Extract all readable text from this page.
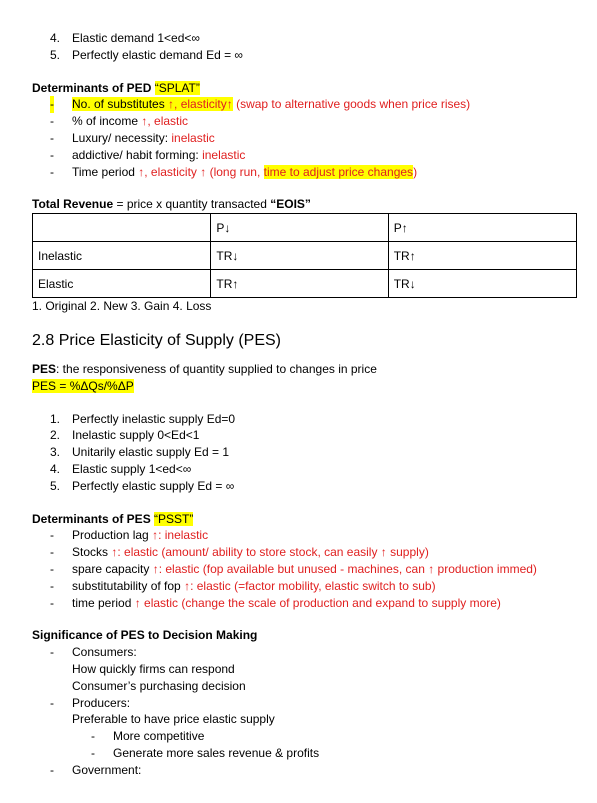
4. Elastic demand 1<ed<∞
5. Perfectly elastic demand Ed = ∞
Determinants of PED “SPLAT”
- No. of substitutes ↑, elasticity↑ (swap to alternative goods when price rises)
- % of income ↑, elastic
- Luxury/ necessity: inelastic
- addictive/ habit forming: inelastic
- Time period ↑, elasticity ↑ (long run, time to adjust price changes)
Total Revenue = price x quantity transacted “EOIS”
	P↓	P↑
Inelastic	TR↓	TR↑
Elastic	TR↑	TR↓
1. Original 2. New 3. Gain 4. Loss
2.8 Price Elasticity of Supply (PES)
PES: the responsiveness of quantity supplied to changes in price
PES = %ΔQs/%ΔP
1. Perfectly inelastic supply Ed=0
2. Inelastic supply 0<Ed<1
3. Unitarily elastic supply Ed = 1
4. Elastic supply 1<ed<∞
5. Perfectly elastic supply Ed = ∞
Determinants of PES “PSST”
- Production lag ↑: inelastic
- Stocks ↑: elastic (amount/ ability to store stock, can easily ↑ supply)
- spare capacity ↑: elastic (fop available but unused - machines, can ↑ production immed)
- substitutability of fop ↑: elastic (=factor mobility, elastic switch to sub)
- time period ↑ elastic (change the scale of production and expand to supply more)
Significance of PES to Decision Making
- Consumers:
How quickly firms can respond
Consumer’s purchasing decision
- Producers:
Preferable to have price elastic supply
- More competitive
- Generate more sales revenue & profits
- Government:
